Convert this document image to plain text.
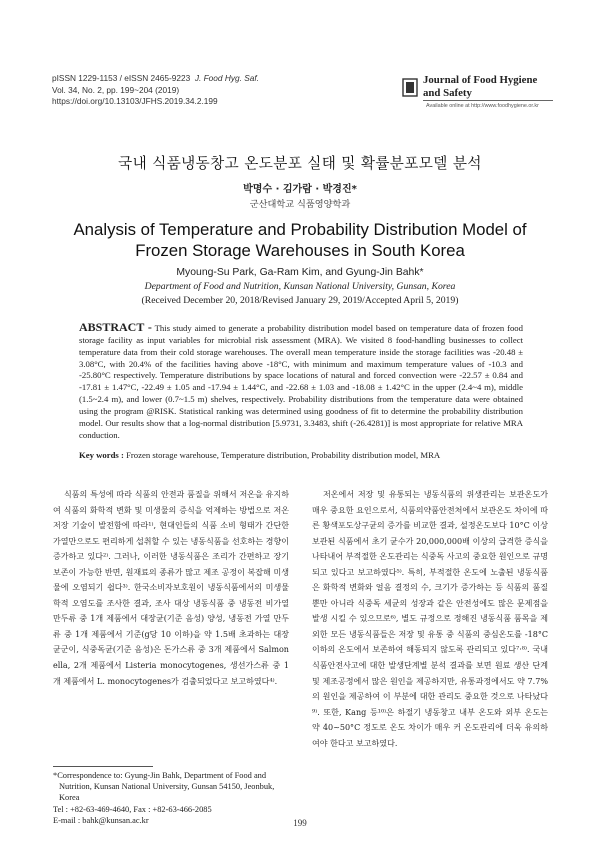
pISSN 1229-1153 / eISSN 2465-9223 J. Food Hyg. Saf.
Vol. 34, No. 2, pp. 199~204 (2019)
https://doi.org/10.13103/JFHS.2019.34.2.199
Journal of Food Hygiene
and Safety
Available online at http://www.foodhygiene.or.kr
국내 식품냉동창고 온도분포 실태 및 확률분포모델 분석
박명수 · 김가람 · 박경진*
군산대학교 식품영양학과
Analysis of Temperature and Probability Distribution Model of
Frozen Storage Warehouses in South Korea
Myoung-Su Park, Ga-Ram Kim, and Gyung-Jin Bahk*
Department of Food and Nutrition, Kunsan National University, Gunsan, Korea
(Received December 20, 2018/Revised January 29, 2019/Accepted April 5, 2019)
ABSTRACT - This study aimed to generate a probability distribution model based on temperature data of frozen food storage facility as input variables for microbial risk assessment (MRA). We visited 8 food-handling businesses to collect temperature data from their cold storage warehouses. The overall mean temperature inside the storage facilities was -20.48 ± 3.08°C, with 20.4% of the facilities having above -18°C, with minimum and maximum temperature values of -10.3 and -25.80°C respectively. Temperature distributions by space locations of natural and forced convection were -22.57 ± 0.84 and -17.81 ± 1.47°C, -22.49 ± 1.05 and -17.94 ± 1.44°C, and -22.68 ± 1.03 and -18.08 ± 1.42°C in the upper (2.4~4 m), middle (1.5~2.4 m), and lower (0.7~1.5 m) shelves, respectively. Probability distributions from the temperature data were obtained using the program @RISK. Statistical ranking was determined using goodness of fit to determine the probability distribution model. Our results show that a log-normal distribution [5.9731, 3.3483, shift (-26.4281)] is most appropriate for relative MRA conduction.
Key words : Frozen storage warehouse, Temperature distribution, Probability distribution model, MRA

식품의 특성에 따라 식품의 안전과 품질을 위해서 저온을 유지하여 식품의 화학적 변화 및 미생물의 증식을 억제하는 방법으로 저온저장 기술이 발전함에 따라¹⁾, 현대인들의 식품 소비 형태가 간단한 가열만으로도 편리하게 섭취할 수 있는 냉동식품을 선호하는 경향이 증가하고 있다²⁾. 그러나, 이러한 냉동식품은 조리가 간편하고 장기 보존이 가능한 반면, 원재료의 종류가 많고 제조 공정이 복잡해 미생물에 오염되기 쉽다³⁾. 한국소비자보호원이 냉동식품에서의 미생물학적 오염도를 조사한 결과, 조사 대상 냉동식품 중 냉동전 비가열 만두류 중 1개 제품에서 대장균(기준 음성) 양성, 냉동전 가열 만두류 중 1개 제품에서 기준(g당 10 이하)을 약 1.5배 초과하는 대장균군이, 식중독균(기준 음성)은 돈가스류 중 3개 제품에서 Salmonella, 2개 제품에서 Listeria monocytogenes, 생선가스류 중 1개 제품에서 L. monocytogenes가 검출되었다고 보고하였다⁴⁾.

저온에서 저장 및 유통되는 냉동식품의 위생관리는 보관온도가 매우 중요한 요인으로서, 식품의약품안전처에서 보관온도 차이에 따른 황색포도상구균의 증가를 비교한 결과, 설정온도보다 10°C 이상 보관된 식품에서 초기 균수가 20,000,000배 이상의 급격한 증식을 나타내어 부적절한 온도관리는 식중독 사고의 중요한 원인으로 규명되고 있다고 보고하였다⁵⁾. 특히, 부적절한 온도에 노출된 냉동식품은 화학적 변화와 얼음 결정의 수, 크기가 증가하는 등 식품의 품질뿐만 아니라 식중독 세균의 성장과 같은 안전성에도 많은 문제점을 발생 시킬 수 있으므로⁶⁾, 별도 규정으로 정해진 냉동식품 품목을 제외한 모든 냉동식품들은 저장 및 유통 중 식품의 중심온도를 -18°C이하의 온도에서 보존하여 해동되지 않도록 관리되고 있다⁷·⁸⁾. 국내 식품안전사고에 대한 발생단계별 분석 결과를 보면 원료 생산 단계 및 제조공정에서 많은 원인을 제공하지만, 유통과정에서도 약 7.7%의 원인을 제공하여 이 부분에 대한 관리도 중요한 것으로 나타났다⁹⁾. 또한, Kang 등¹⁰⁾은 하절기 냉동창고 내부 온도와 외부 온도는 약 40~50°C 정도로 온도 차이가 매우 커 온도관리에 더욱 유의하여야 한다고 보고하였다.

*Correspondence to: Gyung-Jin Bahk, Department of Food and
Nutrition, Kunsan National University, Gunsan 54150, Jeonbuk,
Korea
Tel : +82-63-469-4640, Fax : +82-63-466-2085
E-mail : bahk@kunsan.ac.kr	199
